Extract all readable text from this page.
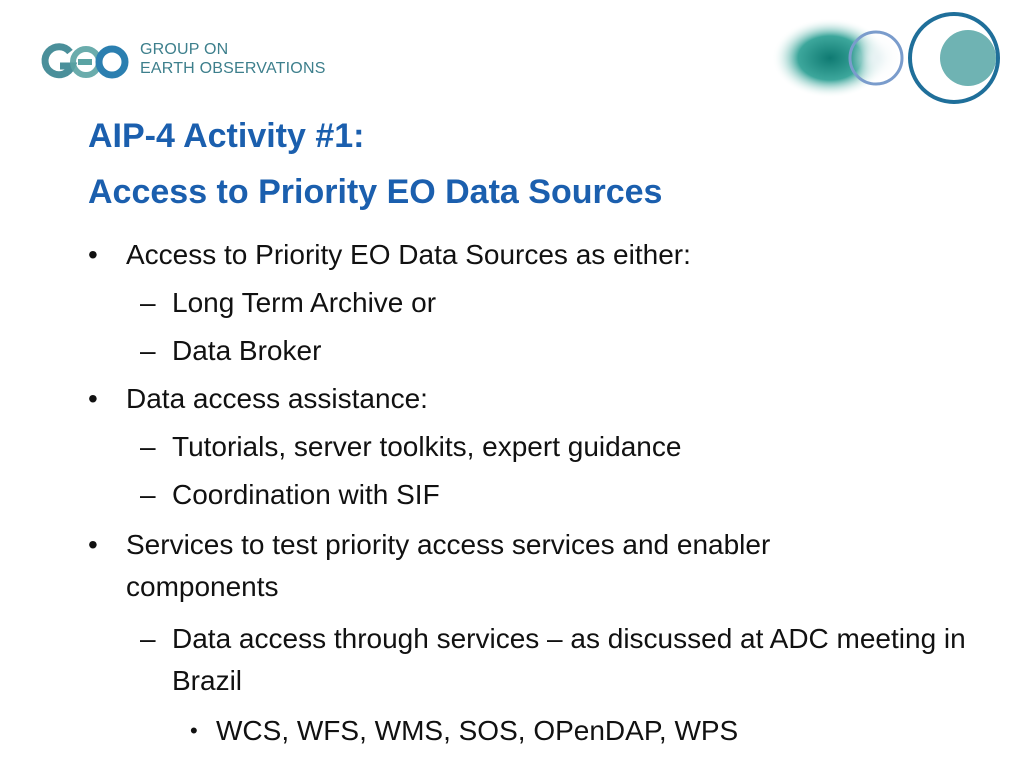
GROUP ON
EARTH OBSERVATIONS
AIP-4 Activity #1:
Access to Priority EO Data Sources
• Access to Priority EO Data Sources as either:
– Long Term Archive or
– Data Broker
• Data access assistance:
– Tutorials, server toolkits, expert guidance
– Coordination with SIF
• Services to test priority access services and enabler components
– Data access through services – as discussed at ADC meeting in Brazil
• WCS, WFS, WMS, SOS, OPenDAP, WPS
